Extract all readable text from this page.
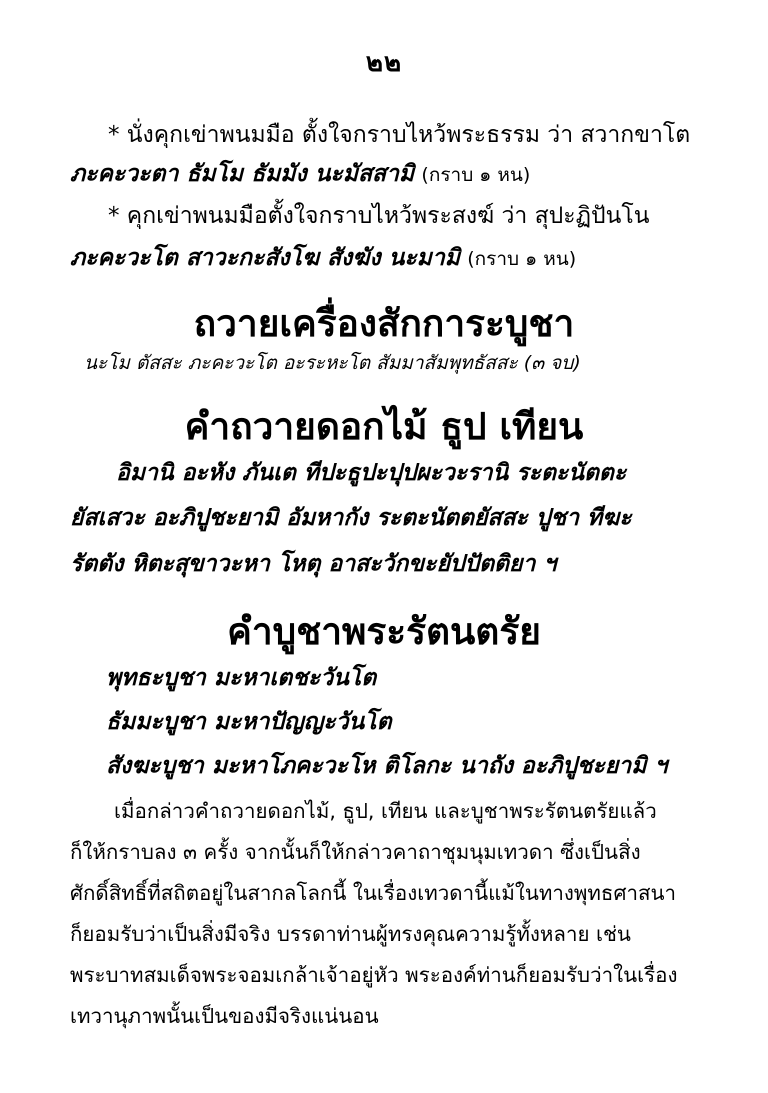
๒๒
* นั่งคุกเข่าพนมมือ ตั้งใจกราบไหว้พระธรรม ว่า สวากขาโต
ภะคะวะตา ธัมโม ธัมมัง นะมัสสามิ (กราบ ๑ หน)
* คุกเข่าพนมมือตั้งใจกราบไหว้พระสงฆ์ ว่า สุปะฏิปันโน
ภะคะวะโต สาวะกะสังโฆ สังฆัง นะมามิ (กราบ ๑ หน)
ถวายเครื่องสักการะบูชา
นะโม ตัสสะ ภะคะวะโต อะระหะโต สัมมาสัมพุทธัสสะ (๓ จบ)
คำถวายดอกไม้ ธูป เทียน
อิมานิ อะหัง ภันเต ทีปะธูปะปุปผะวะรานิ ระตะนัตตะ
ยัสเสวะ อะภิปูชะยามิ อัมหากัง ระตะนัตตยัสสะ ปูชา ทีฆะ
รัตตัง หิตะสุขาวะหา โหตุ อาสะวักขะยัปปัตติยา ฯ
คำบูชาพระรัตนตรัย
พุทธะบูชา มะหาเตชะวันโต
ธัมมะบูชา มะหาปัญญะวันโต
สังฆะบูชา มะหาโภคะวะโห ติโลกะ นาถัง อะภิปูชะยามิ ฯ
เมื่อกล่าวคำถวายดอกไม้, ธูป, เทียน และบูชาพระรัตนตรัยแล้ว
ก็ให้กราบลง ๓ ครั้ง จากนั้นก็ให้กล่าวคาถาชุมนุมเทวดา ซึ่งเป็นสิ่ง
ศักดิ์สิทธิ์ที่สถิตอยู่ในสากลโลกนี้ ในเรื่องเทวดานี้แม้ในทางพุทธศาสนา
ก็ยอมรับว่าเป็นสิ่งมีจริง บรรดาท่านผู้ทรงคุณความรู้ทั้งหลาย เช่น
พระบาทสมเด็จพระจอมเกล้าเจ้าอยู่หัว พระองค์ท่านก็ยอมรับว่าในเรื่อง
เทวานุภาพนั้นเป็นของมีจริงแน่นอน
